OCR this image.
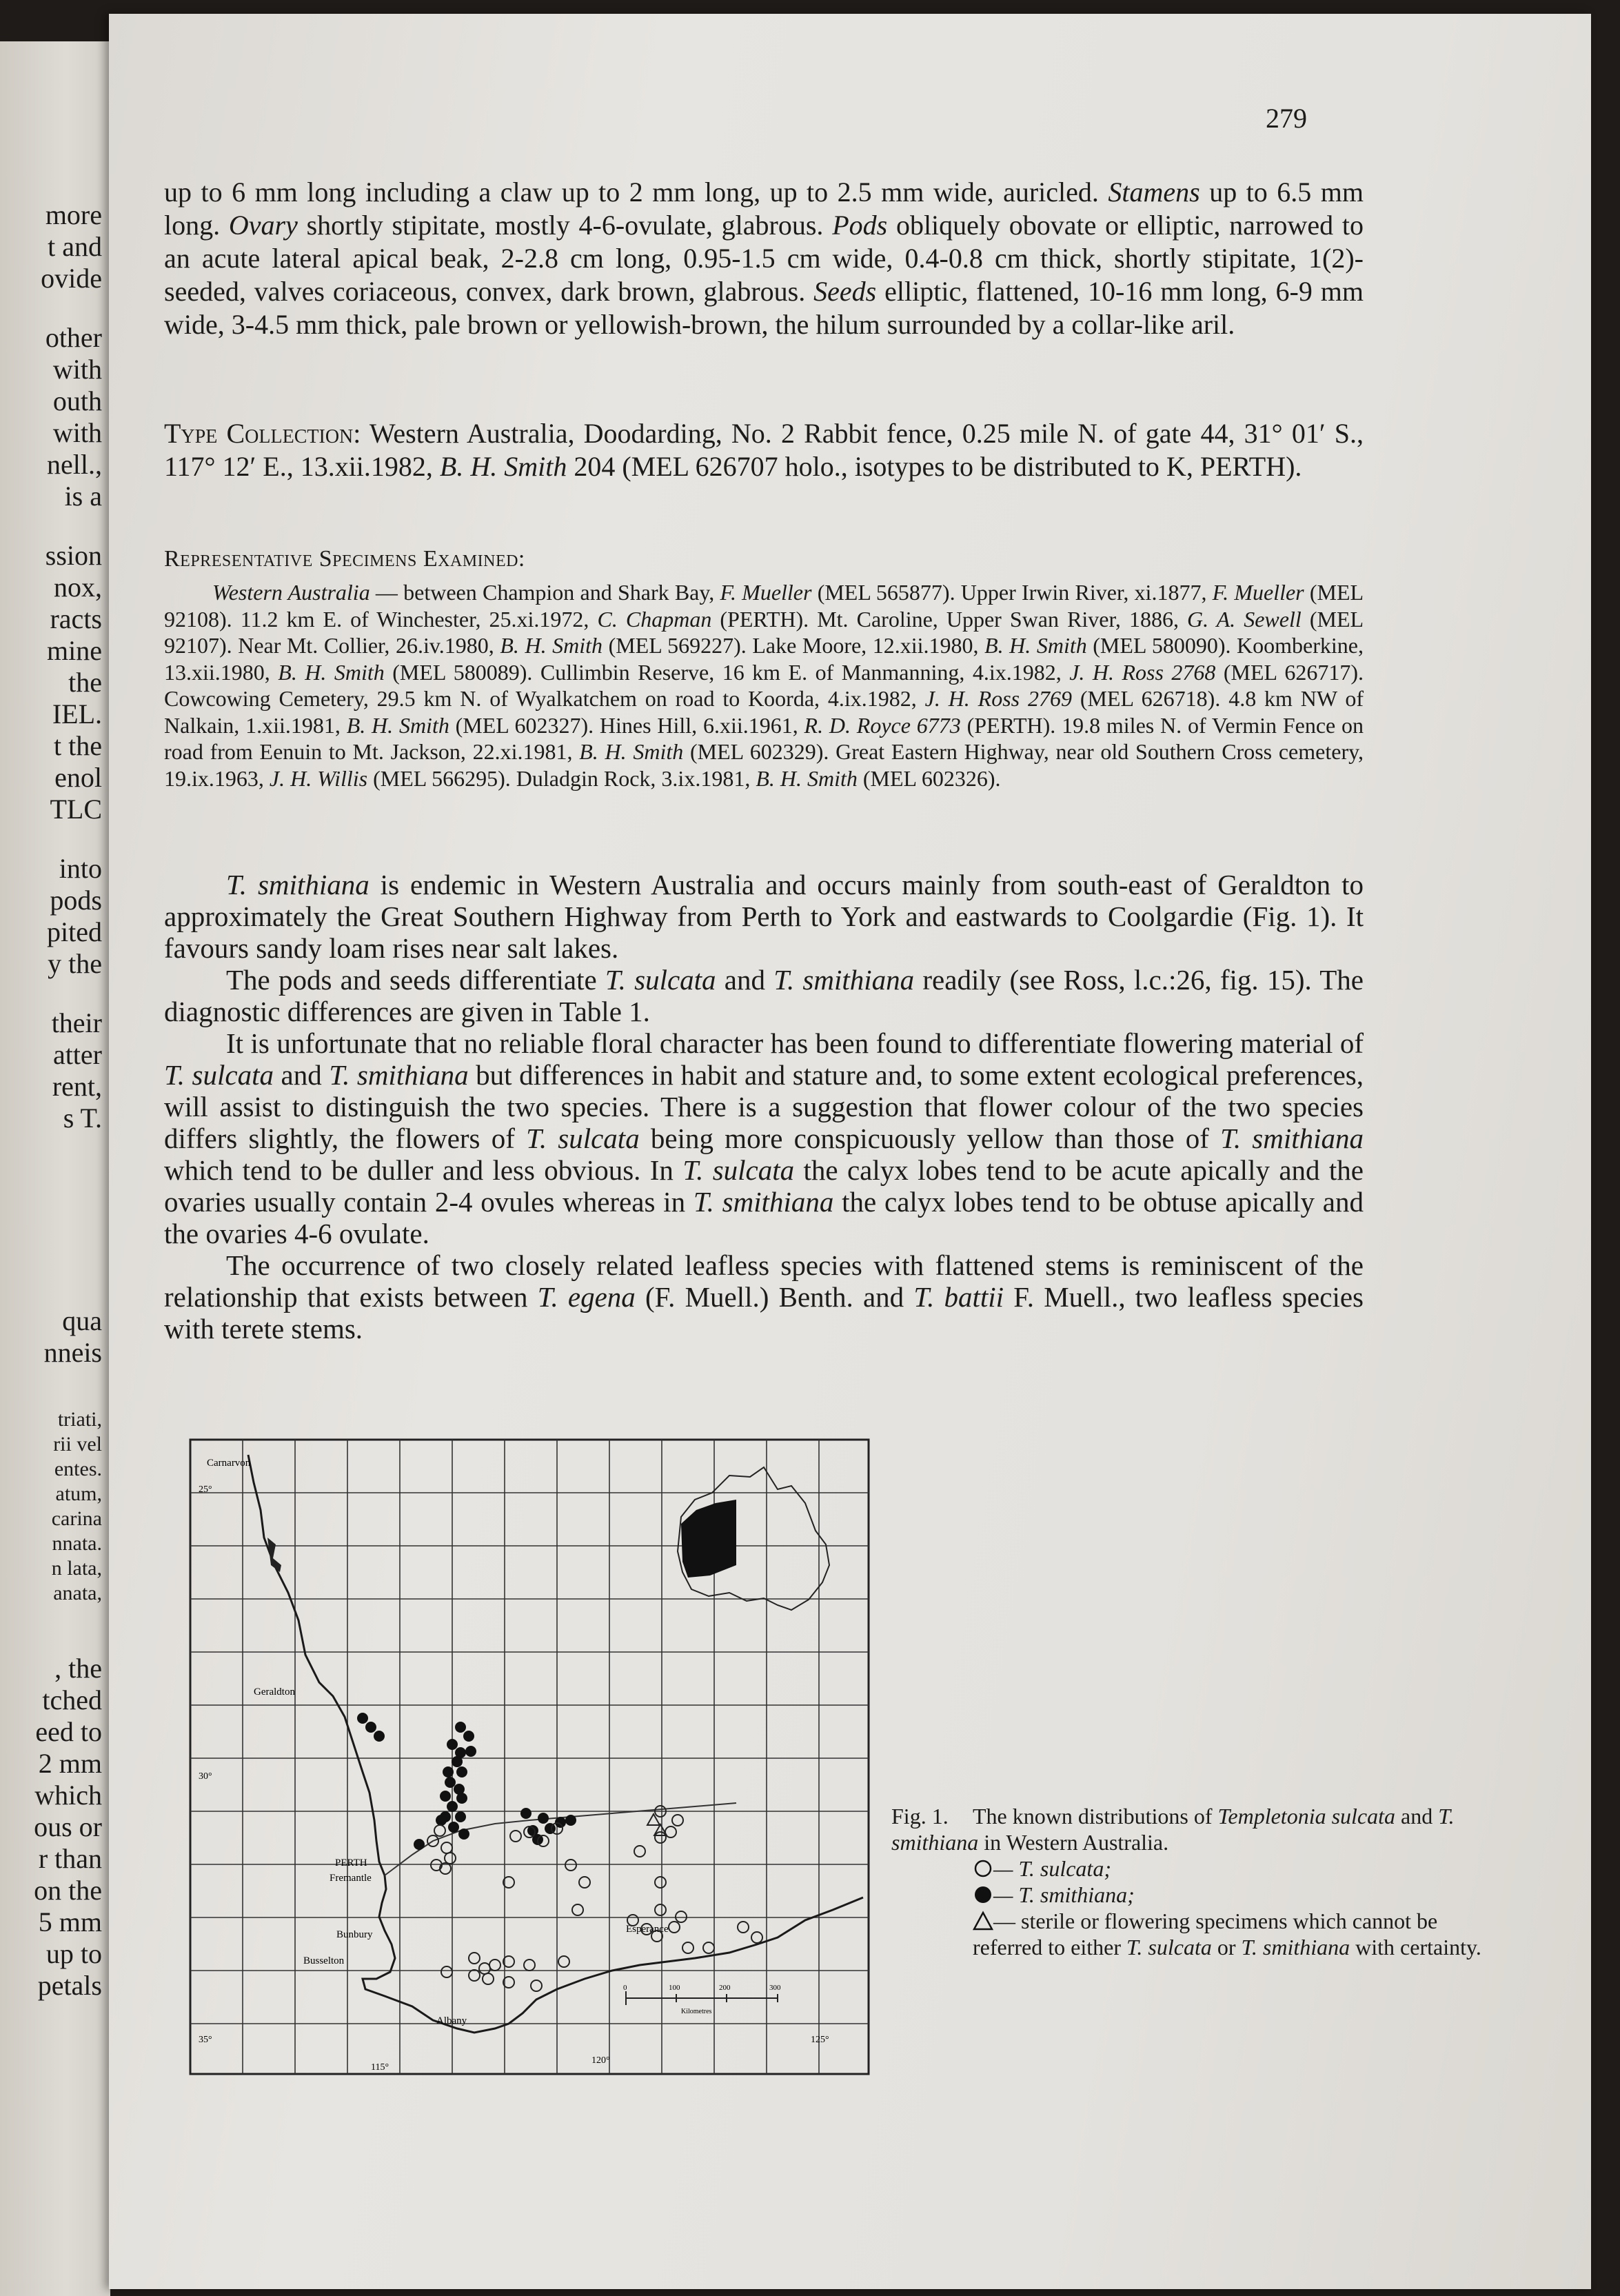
more
t and
ovide
other
with
outh
with
nell.,
is a
ssion
nox,
racts
mine
the
IEL.
t the
enol
TLC
into
pods
pited
y the
their
atter
rent,
s T.
qua
nneis
triati,
rii vel
entes.
atum,
carina
nnata.
n lata,
anata,
, the
tched
eed to
2 mm
which
ous or
r than
on the
5 mm
up to
petals
279
up to 6 mm long including a claw up to 2 mm long, up to 2.5 mm wide, auricled. Stamens up to 6.5 mm long. Ovary shortly stipitate, mostly 4-6-ovulate, glabrous. Pods obliquely obovate or elliptic, narrowed to an acute lateral apical beak, 2-2.8 cm long, 0.95-1.5 cm wide, 0.4-0.8 cm thick, shortly stipitate, 1(2)-seeded, valves coriaceous, convex, dark brown, glabrous. Seeds elliptic, flattened, 10-16 mm long, 6-9 mm wide, 3-4.5 mm thick, pale brown or yellowish-brown, the hilum surrounded by a collar-like aril.
Type Collection: Western Australia, Doodarding, No. 2 Rabbit fence, 0.25 mile N. of gate 44, 31° 01′ S., 117° 12′ E., 13.xii.1982, B. H. Smith 204 (MEL 626707 holo., isotypes to be distributed to K, PERTH).
Representative Specimens Examined:
Western Australia — between Champion and Shark Bay, F. Mueller (MEL 565877). Upper Irwin River, xi.1877, F. Mueller (MEL 92108). 11.2 km E. of Winchester, 25.xi.1972, C. Chapman (PERTH). Mt. Caroline, Upper Swan River, 1886, G. A. Sewell (MEL 92107). Near Mt. Collier, 26.iv.1980, B. H. Smith (MEL 569227). Lake Moore, 12.xii.1980, B. H. Smith (MEL 580090). Koomberkine, 13.xii.1980, B. H. Smith (MEL 580089). Cullimbin Reserve, 16 km E. of Manmanning, 4.ix.1982, J. H. Ross 2768 (MEL 626717). Cowcowing Cemetery, 29.5 km N. of Wyalkatchem on road to Koorda, 4.ix.1982, J. H. Ross 2769 (MEL 626718). 4.8 km NW of Nalkain, 1.xii.1981, B. H. Smith (MEL 602327). Hines Hill, 6.xii.1961, R. D. Royce 6773 (PERTH). 19.8 miles N. of Vermin Fence on road from Eenuin to Mt. Jackson, 22.xi.1981, B. H. Smith (MEL 602329). Great Eastern Highway, near old Southern Cross cemetery, 19.ix.1963, J. H. Willis (MEL 566295). Duladgin Rock, 3.ix.1981, B. H. Smith (MEL 602326).

T. smithiana is endemic in Western Australia and occurs mainly from south-east of Geraldton to approximately the Great Southern Highway from Perth to York and eastwards to Coolgardie (Fig. 1). It favours sandy loam rises near salt lakes.

The pods and seeds differentiate T. sulcata and T. smithiana readily (see Ross, l.c.:26, fig. 15). The diagnostic differences are given in Table 1.

It is unfortunate that no reliable floral character has been found to differentiate flowering material of T. sulcata and T. smithiana but differences in habit and stature and, to some extent ecological preferences, will assist to distinguish the two species. There is a suggestion that flower colour of the two species differs slightly, the flowers of T. sulcata being more conspicuously yellow than those of T. smithiana which tend to be duller and less obvious. In T. sulcata the calyx lobes tend to be acute apically and the ovaries usually contain 2-4 ovules whereas in T. smithiana the calyx lobes tend to be obtuse apically and the ovaries 4-6 ovulate.

The occurrence of two closely related leafless species with flattened stems is reminiscent of the relationship that exists between T. egena (F. Muell.) Benth. and T. battii F. Muell., two leafless species with terete stems.

Carnarvon
Geraldton
PERTH
Fremantle
Bunbury
Busselton
Albany
Esperance
25°
30°
35°
115°
120°
125°
0	100	200	300
Kilometres
Fig. 1. The known distributions of Templetonia sulcata and T. smithiana in Western Australia.
— T. sulcata;
— T. smithiana;
— sterile or flowering specimens which cannot be referred to either T. sulcata or T. smithiana with certainty.
